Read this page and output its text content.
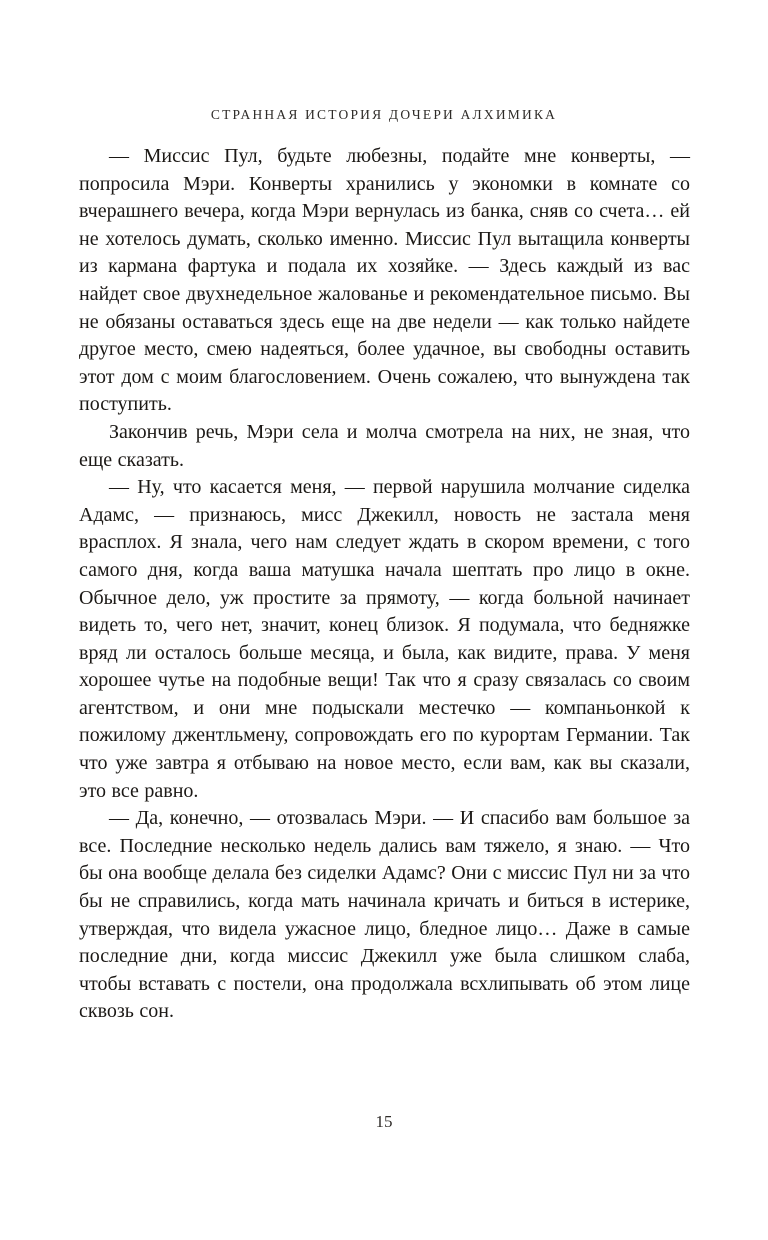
СТРАННАЯ ИСТОРИЯ ДОЧЕРИ АЛХИМИКА

— Миссис Пул, будьте любезны, подайте мне конверты, — попросила Мэри. Конверты хранились у экономки в комнате со вчерашнего вечера, когда Мэри вернулась из банка, сняв со счета… ей не хотелось думать, сколько именно. Миссис Пул вытащила конверты из кармана фартука и подала их хозяйке. — Здесь каждый из вас найдет свое двухнедельное жалованье и рекомендательное письмо. Вы не обязаны оставаться здесь еще на две недели — как только найдете другое место, смею надеяться, более удачное, вы свободны оставить этот дом с моим благословением. Очень сожалею, что вынуждена так поступить.

Закончив речь, Мэри села и молча смотрела на них, не зная, что еще сказать.

— Ну, что касается меня, — первой нарушила молчание сиделка Адамс, — признаюсь, мисс Джекилл, новость не застала меня врасплох. Я знала, чего нам следует ждать в скором времени, с того самого дня, когда ваша матушка начала шептать про лицо в окне. Обычное дело, уж простите за прямоту, — когда больной начинает видеть то, чего нет, значит, конец близок. Я подумала, что бедняжке вряд ли осталось больше месяца, и была, как видите, права. У меня хорошее чутье на подобные вещи! Так что я сразу связалась со своим агентством, и они мне подыскали местечко — компаньонкой к пожилому джентльмену, сопровождать его по курортам Германии. Так что уже завтра я отбываю на новое место, если вам, как вы сказали, это все равно.

— Да, конечно, — отозвалась Мэри. — И спасибо вам большое за все. Последние несколько недель дались вам тяжело, я знаю. — Что бы она вообще делала без сиделки Адамс? Они с миссис Пул ни за что бы не справились, когда мать начинала кричать и биться в истерике, утверждая, что видела ужасное лицо, бледное лицо… Даже в самые последние дни, когда миссис Джекилл уже была слишком слаба, чтобы вставать с постели, она продолжала всхлипывать об этом лице сквозь сон.

15
